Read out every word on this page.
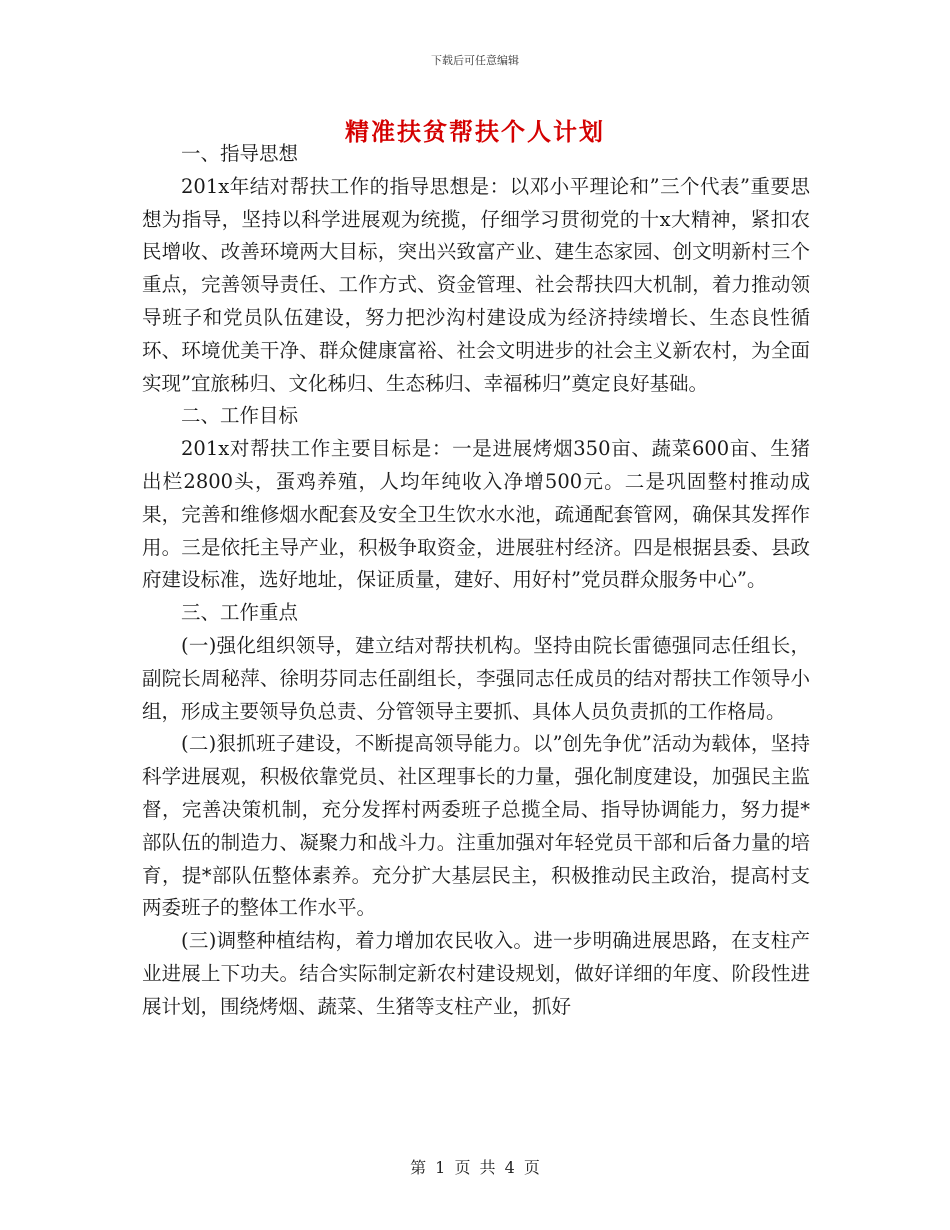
下载后可任意编辑
精准扶贫帮扶个人计划

一、指导思想

201x年结对帮扶工作的指导思想是：以邓小平理论和”三个代表”重要思想为指导，坚持以科学进展观为统揽，仔细学习贯彻党的十x大精神，紧扣农民增收、改善环境两大目标，突出兴致富产业、建生态家园、创文明新村三个重点，完善领导责任、工作方式、资金管理、社会帮扶四大机制，着力推动领导班子和党员队伍建设，努力把沙沟村建设成为经济持续增长、生态良性循环、环境优美干净、群众健康富裕、社会文明进步的社会主义新农村，为全面实现”宜旅秭归、文化秭归、生态秭归、幸福秭归”奠定良好基础。

二、工作目标

201x对帮扶工作主要目标是：一是进展烤烟350亩、蔬菜600亩、生猪出栏2800头，蛋鸡养殖，人均年纯收入净增500元。二是巩固整村推动成果，完善和维修烟水配套及安全卫生饮水水池，疏通配套管网，确保其发挥作用。三是依托主导产业，积极争取资金，进展驻村经济。四是根据县委、县政府建设标准，选好地址，保证质量，建好、用好村”党员群众服务中心”。

三、工作重点

(一)强化组织领导，建立结对帮扶机构。坚持由院长雷德强同志任组长，副院长周秘萍、徐明芬同志任副组长，李强同志任成员的结对帮扶工作领导小组，形成主要领导负总责、分管领导主要抓、具体人员负责抓的工作格局。

(二)狠抓班子建设，不断提高领导能力。以”创先争优”活动为载体，坚持科学进展观，积极依靠党员、社区理事长的力量，强化制度建设，加强民主监督，完善决策机制，充分发挥村两委班子总揽全局、指导协调能力，努力提*部队伍的制造力、凝聚力和战斗力。注重加强对年轻党员干部和后备力量的培育，提*部队伍整体素养。充分扩大基层民主，积极推动民主政治，提高村支两委班子的整体工作水平。

(三)调整种植结构，着力增加农民收入。进一步明确进展思路，在支柱产业进展上下功夫。结合实际制定新农村建设规划，做好详细的年度、阶段性进展计划，围绕烤烟、蔬菜、生猪等支柱产业，抓好

第 1 页 共 4 页
